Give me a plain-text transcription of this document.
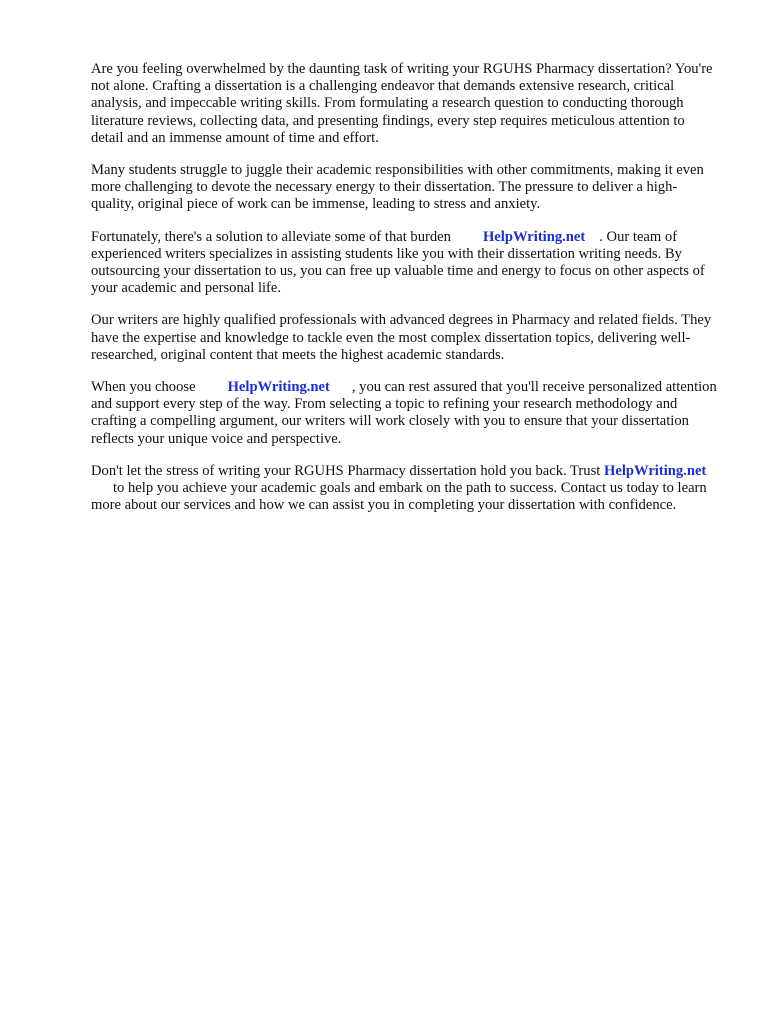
Are you feeling overwhelmed by the daunting task of writing your RGUHS Pharmacy dissertation? You're not alone. Crafting a dissertation is a challenging endeavor that demands extensive research, critical analysis, and impeccable writing skills. From formulating a research question to conducting thorough literature reviews, collecting data, and presenting findings, every step requires meticulous attention to detail and an immense amount of time and effort.

Many students struggle to juggle their academic responsibilities with other commitments, making it even more challenging to devote the necessary energy to their dissertation. The pressure to deliver a high-quality, original piece of work can be immense, leading to stress and anxiety.

Fortunately, there's a solution to alleviate some of that burden HelpWriting.net . Our team of experienced writers specializes in assisting students like you with their dissertation writing needs. By outsourcing your dissertation to us, you can free up valuable time and energy to focus on other aspects of your academic and personal life.

Our writers are highly qualified professionals with advanced degrees in Pharmacy and related fields. They have the expertise and knowledge to tackle even the most complex dissertation topics, delivering well-researched, original content that meets the highest academic standards.

When you choose HelpWriting.net , you can rest assured that you'll receive personalized attention and support every step of the way. From selecting a topic to refining your research methodology and crafting a compelling argument, our writers will work closely with you to ensure that your dissertation reflects your unique voice and perspective.

Don't let the stress of writing your RGUHS Pharmacy dissertation hold you back. Trust HelpWriting.netto help you achieve your academic goals and embark on the path to success. Contact us today to learn more about our services and how we can assist you in completing your dissertation with confidence.
